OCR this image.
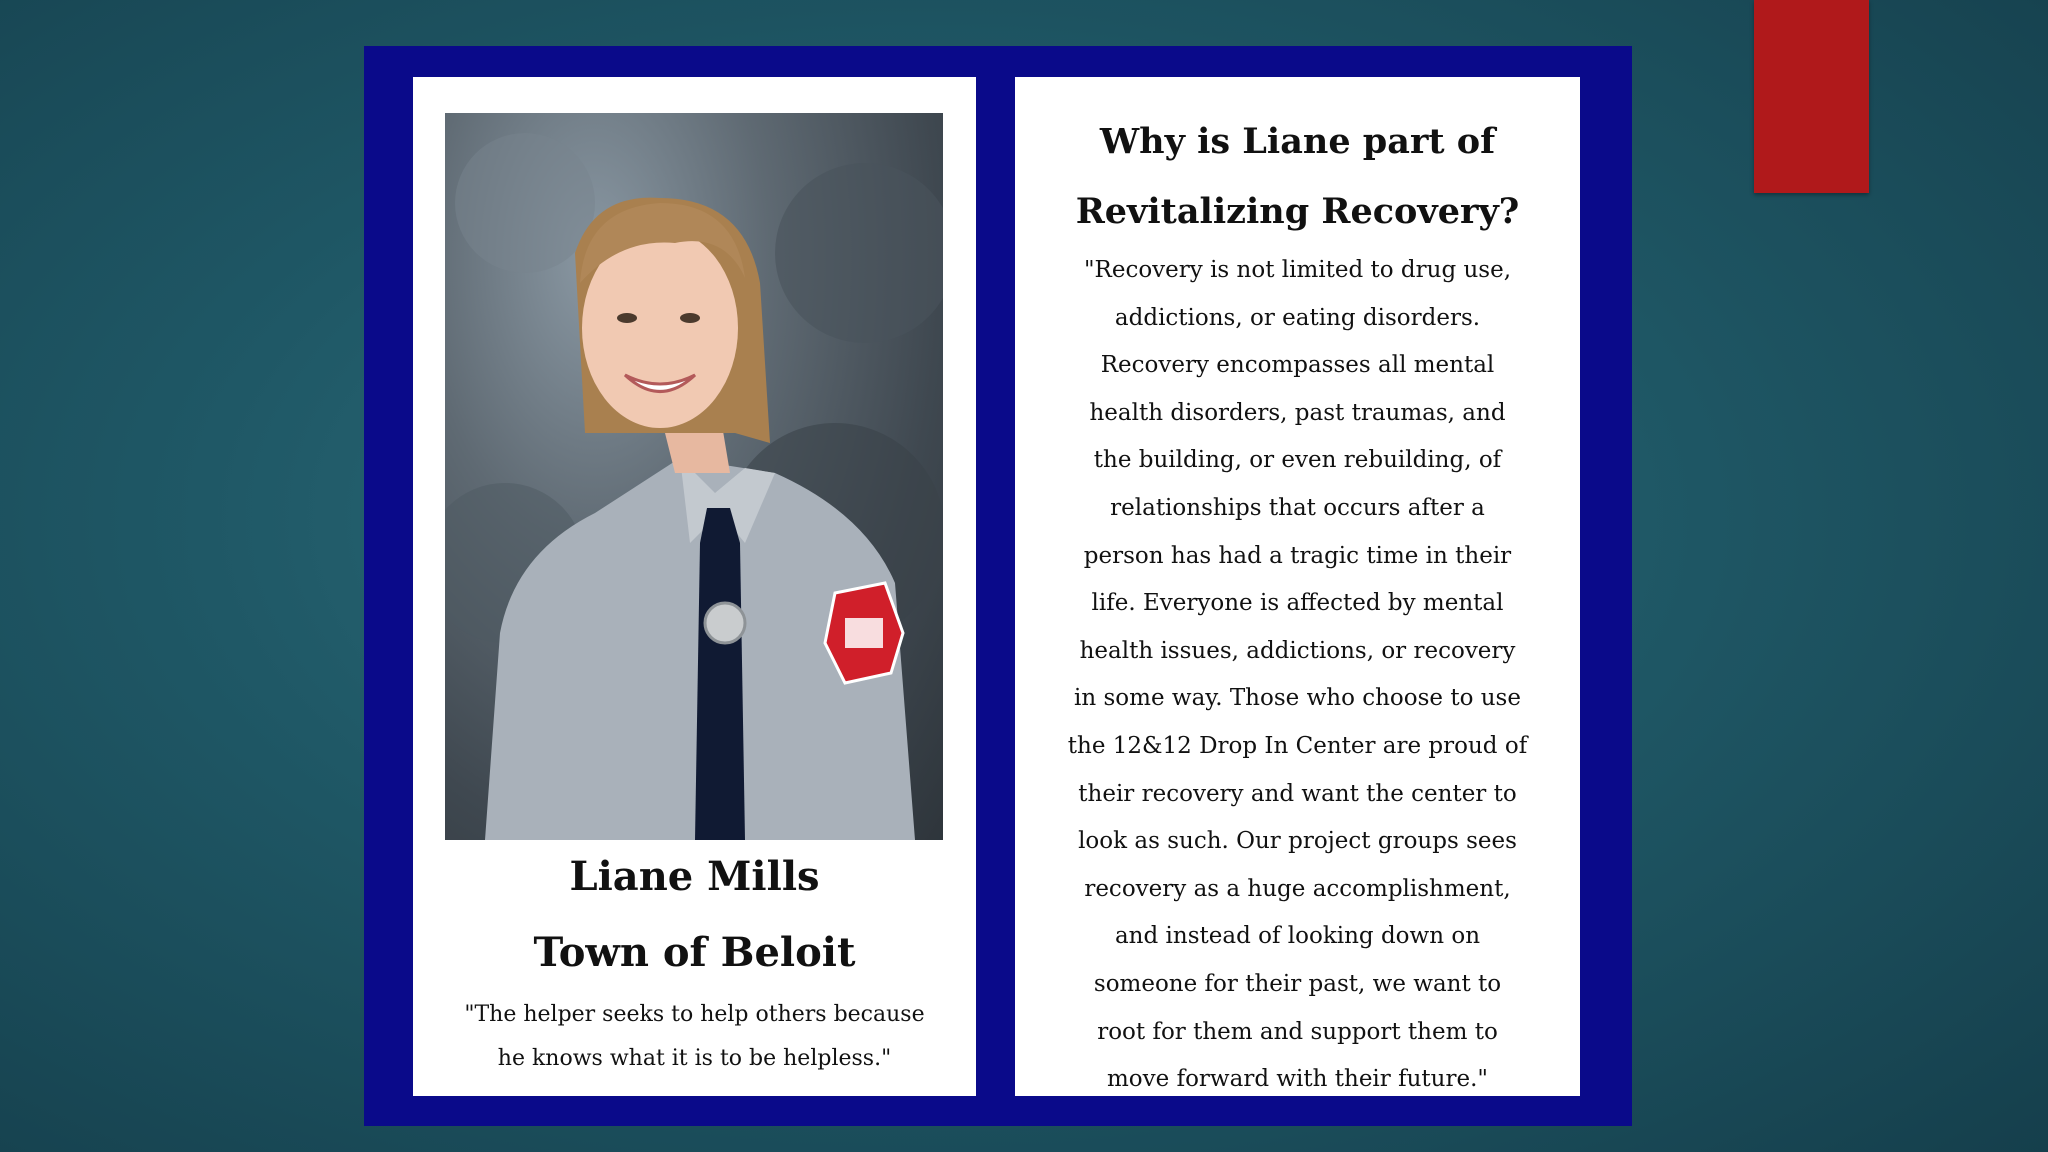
Liane Mills
Town of Beloit

"The helper seeks to help others because he knows what it is to be helpless."

Why is Liane part of Revitalizing Recovery?

"Recovery is not limited to drug use, addictions, or eating disorders. Recovery encompasses all mental health disorders, past traumas, and the building, or even rebuilding, of relationships that occurs after a person has had a tragic time in their life. Everyone is affected by mental health issues, addictions, or recovery in some way. Those who choose to use the 12&12 Drop In Center are proud of their recovery and want the center to look as such. Our project groups sees recovery as a huge accomplishment, and instead of looking down on someone for their past, we want to root for them and support them to move forward with their future."
